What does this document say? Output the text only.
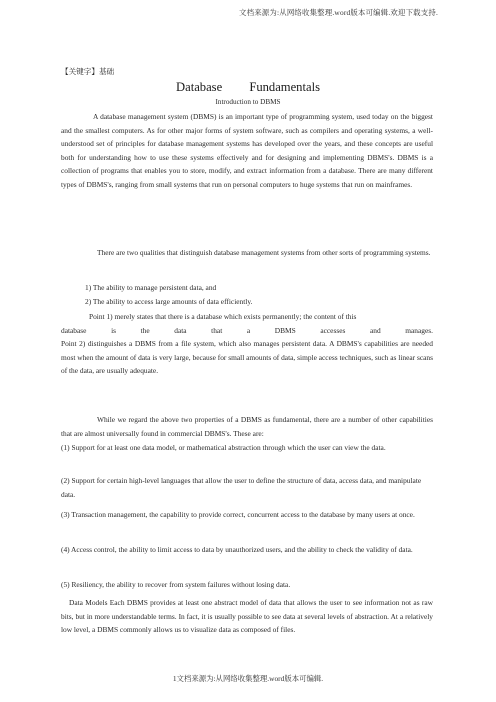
文档来源为:从网络收集整理.word版本可编辑.欢迎下载支持.
【关键字】基础
Database Fundamentals
Introduction to DBMS

A database management system (DBMS) is an important type of programming system, used today on the biggest and the smallest computers. As for other major forms of system software, such as compilers and operating systems, a well-understood set of principles for database management systems has developed over the years, and these concepts are useful both for understanding how to use these systems effectively and for designing and implementing DBMS's. DBMS is a collection of programs that enables you to store, modify, and extract information from a database. There are many different types of DBMS's, ranging from small systems that run on personal computers to huge systems that run on mainframes.

There are two qualities that distinguish database management systems from other sorts of programming systems.

1) The ability to manage persistent data, and

2) The ability to access large amounts of data efficiently.

Point 1) merely states that there is a database which exists permanently; the content of this
database	is	the	data	that	a	DBMS	accesses	and	manages.
Point 2) distinguishes a DBMS from a file system, which also manages persistent data. A DBMS's capabilities are needed most when the amount of data is very large, because for small amounts of data, simple access techniques, such as linear scans of the data, are usually adequate.

While we regard the above two properties of a DBMS as fundamental, there are a number of other capabilities that are almost universally found in commercial DBMS's. These are:

(1) Support for at least one data model, or mathematical abstraction through which the user can view the data.

(2) Support for certain high-level languages that allow the user to define the structure of data, access data, and manipulate data.

(3) Transaction management, the capability to provide correct, concurrent access to the database by many users at once.

(4) Access control, the ability to limit access to data by unauthorized users, and the ability to check the validity of data.

(5) Resiliency, the ability to recover from system failures without losing data.

Data Models Each DBMS provides at least one abstract model of data that allows the user to see information not as raw bits, but in more understandable terms. In fact, it is usually possible to see data at several levels of abstraction. At a relatively low level, a DBMS commonly allows us to visualize data as composed of files.

1文档来源为:从网络收集整理.word版本可编辑.
